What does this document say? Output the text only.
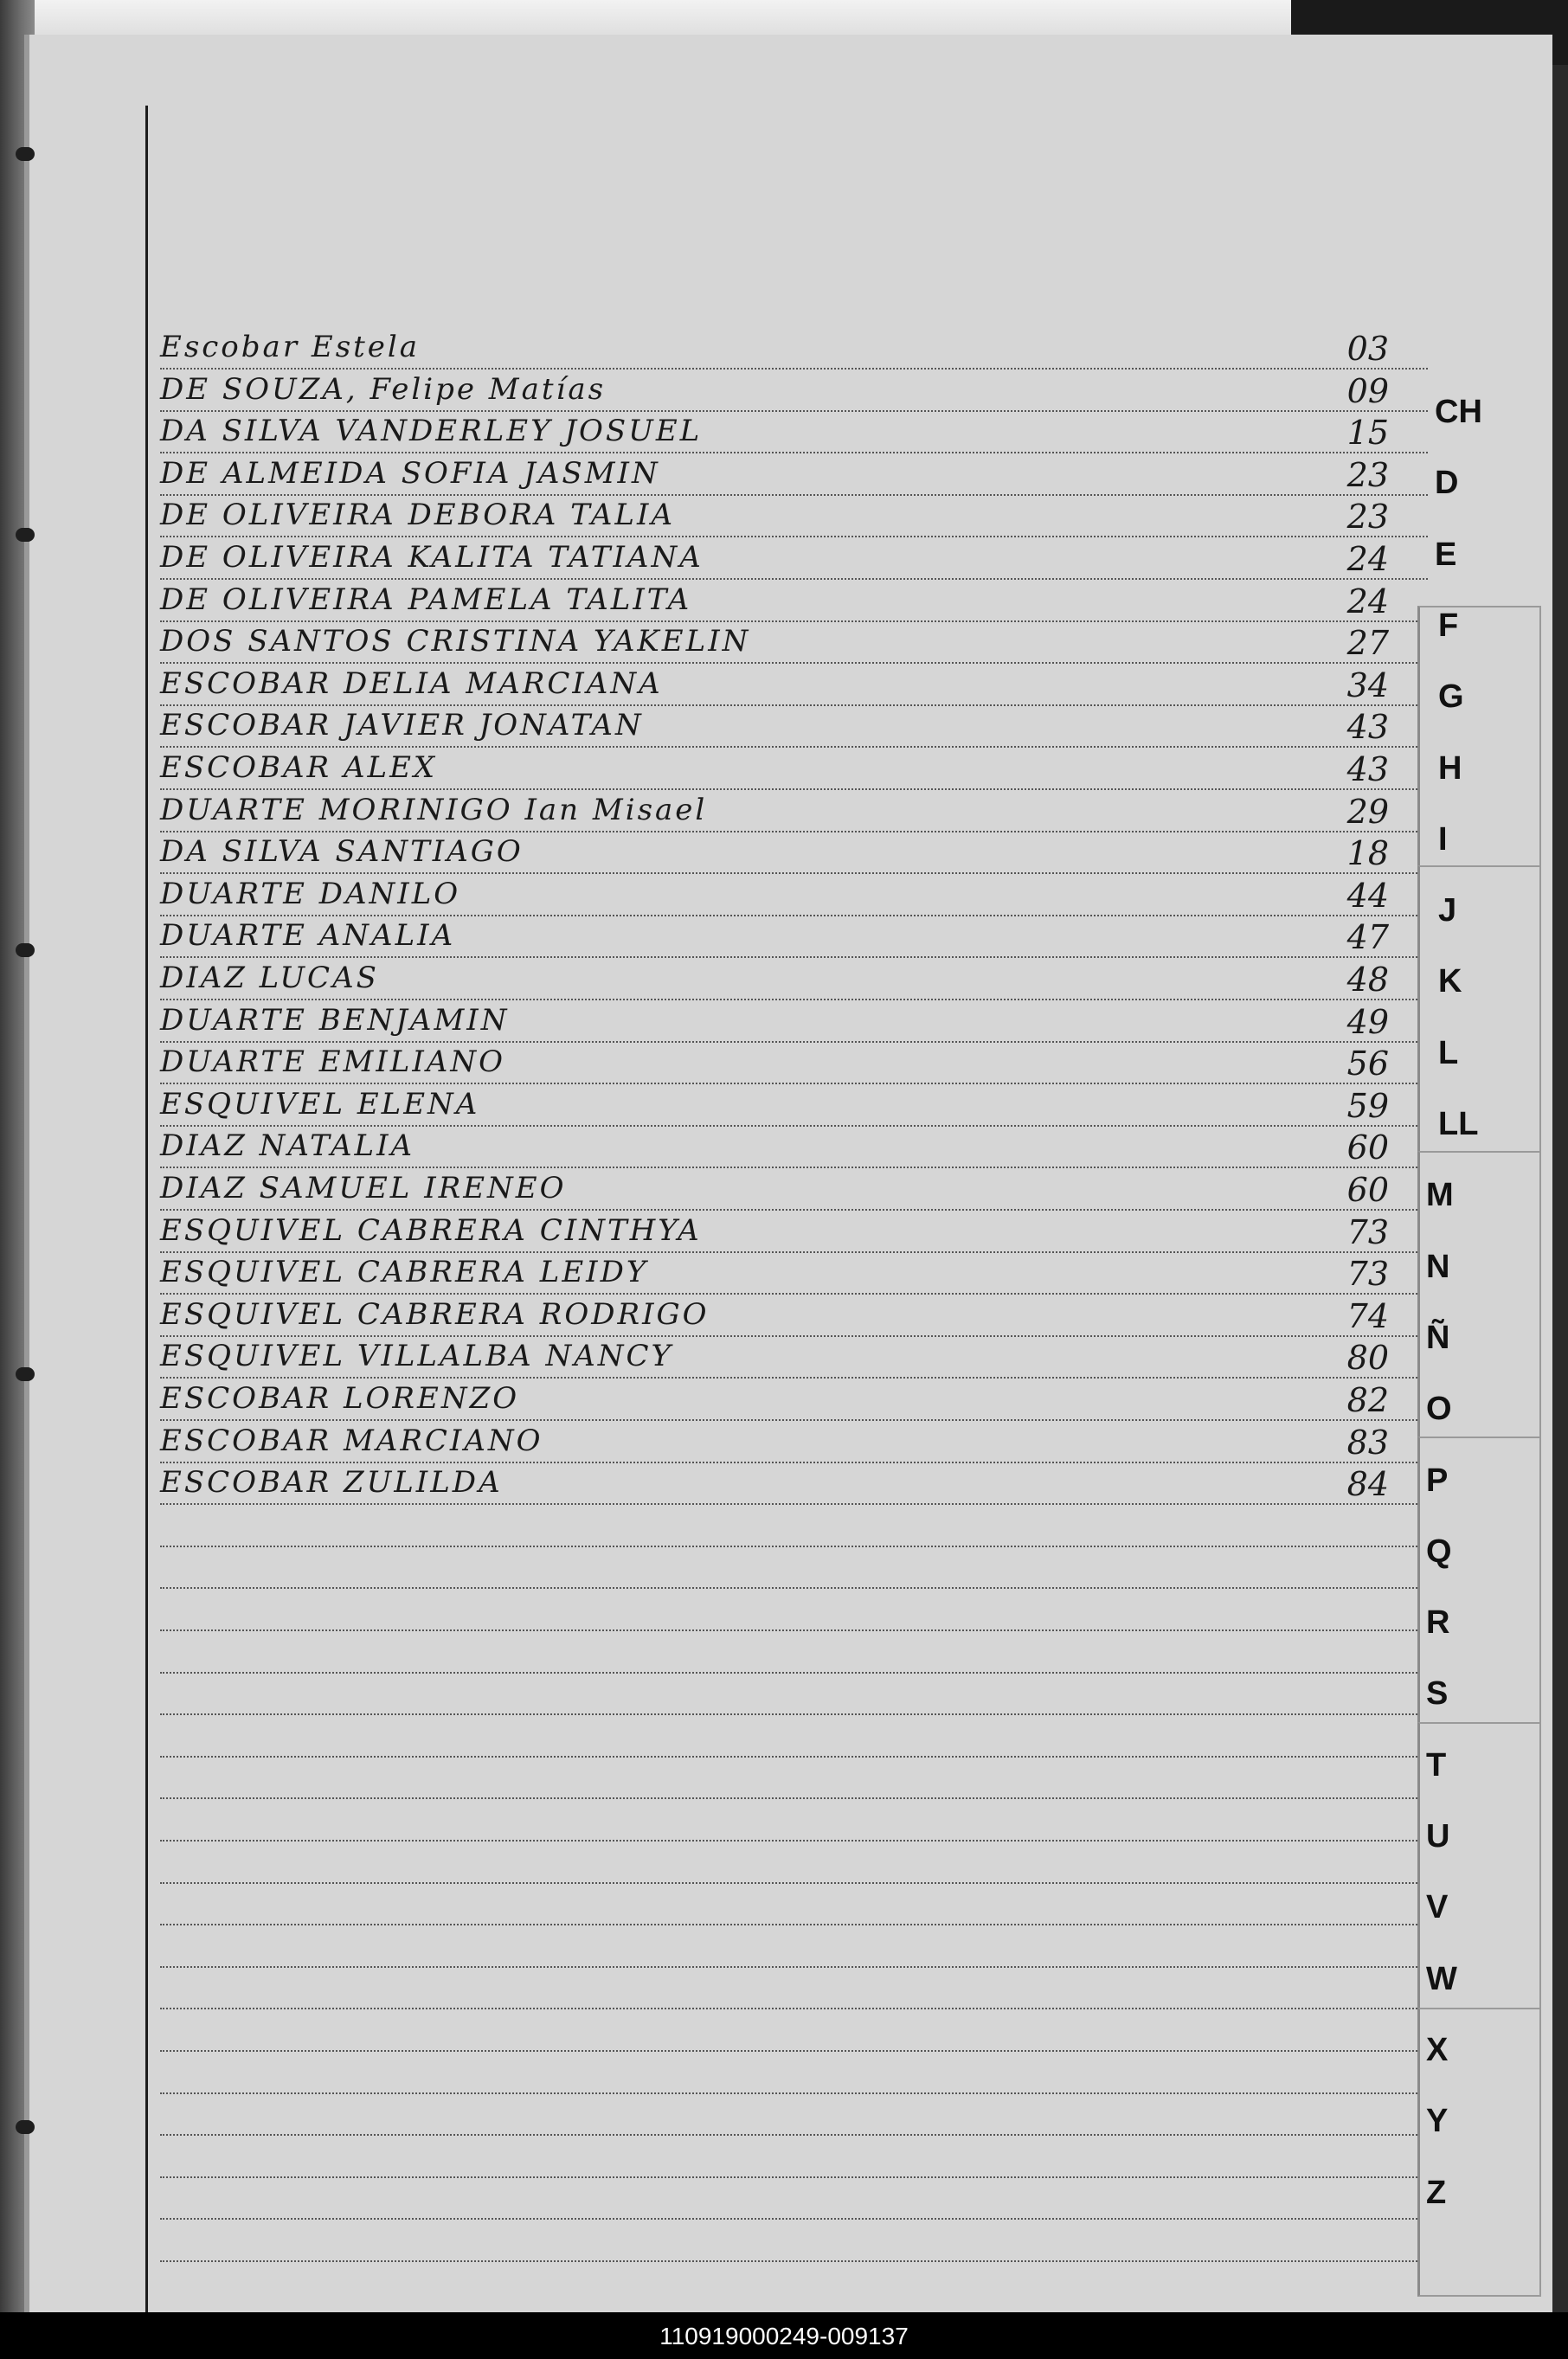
Escobar Estela	03
DE SOUZA, Felipe Matías	09
DA SILVA VANDERLEY JOSUEL	15
DE ALMEIDA SOFIA JASMIN	23
DE OLIVEIRA DEBORA TALIA	23
DE OLIVEIRA KALITA TATIANA	24
DE OLIVEIRA PAMELA TALITA	24
DOS SANTOS CRISTINA YAKELIN	27
ESCOBAR DELIA MARCIANA	34
ESCOBAR JAVIER JONATAN	43
ESCOBAR ALEX	43
DUARTE MORINIGO Ian Misael	29
DA SILVA SANTIAGO	18
DUARTE DANILO	44
DUARTE ANALIA	47
DIAZ LUCAS	48
DUARTE BENJAMIN	49
DUARTE EMILIANO	56
ESQUIVEL ELENA	59
DIAZ NATALIA	60
DIAZ SAMUEL IRENEO	60
ESQUIVEL CABRERA CINTHYA	73
ESQUIVEL CABRERA LEIDY	73
ESQUIVEL CABRERA RODRIGO	74
ESQUIVEL VILLALBA NANCY	80
ESCOBAR LORENZO	82
ESCOBAR MARCIANO	83
ESCOBAR ZULILDA	84
CH
D
E
F
G
H
I
J
K
L
LL
M
N
Ñ
O
P
Q
R
S
T
U
V
W
X
Y
Z
110919000249-009137
